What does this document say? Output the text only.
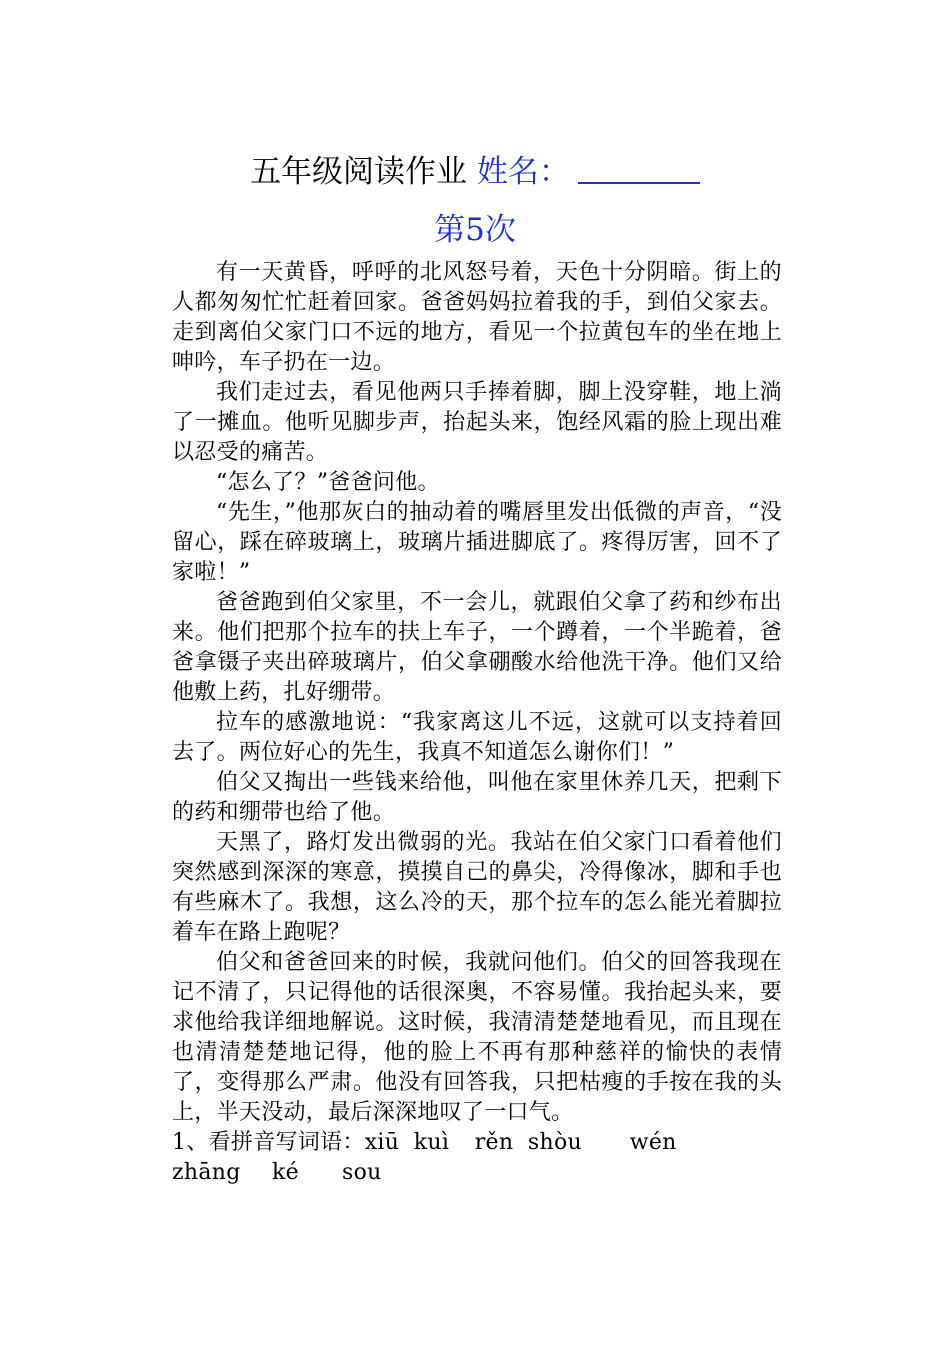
五年级阅读作业 姓名：
第5次

有一天黄昏，呼呼的北风怒号着，天色十分阴暗。街上的人都匆匆忙忙赶着回家。爸爸妈妈拉着我的手，到伯父家去。走到离伯父家门口不远的地方，看见一个拉黄包车的坐在地上呻吟，车子扔在一边。

我们走过去，看见他两只手捧着脚，脚上没穿鞋，地上淌了一摊血。他听见脚步声，抬起头来，饱经风霜的脸上现出难以忍受的痛苦。

“怎么了？”爸爸问他。

“先生，”他那灰白的抽动着的嘴唇里发出低微的声音，“没留心，踩在碎玻璃上，玻璃片插进脚底了。疼得厉害，回不了家啦！”

爸爸跑到伯父家里，不一会儿，就跟伯父拿了药和纱布出来。他们把那个拉车的扶上车子，一个蹲着，一个半跪着，爸爸拿镊子夹出碎玻璃片，伯父拿硼酸水给他洗干净。他们又给他敷上药，扎好绷带。

拉车的感激地说：“我家离这儿不远，这就可以支持着回去了。两位好心的先生，我真不知道怎么谢你们！”

伯父又掏出一些钱来给他，叫他在家里休养几天，把剩下的药和绷带也给了他。

天黑了，路灯发出微弱的光。我站在伯父家门口看着他们突然感到深深的寒意，摸摸自己的鼻尖，冷得像冰，脚和手也有些麻木了。我想，这么冷的天，那个拉车的怎么能光着脚拉着车在路上跑呢？

伯父和爸爸回来的时候，我就问他们。伯父的回答我现在记不清了，只记得他的话很深奥，不容易懂。我抬起头来，要求他给我详细地解说。这时候，我清清楚楚地看见，而且现在也清清楚楚地记得，他的脸上不再有那种慈祥的愉快的表情了，变得那么严肃。他没有回答我，只把枯瘦的手按在我的头上，半天没动，最后深深地叹了一口气。

1、看拼音写词语：xiū  kuì rěn  shòu wén
zhāng ké sou
